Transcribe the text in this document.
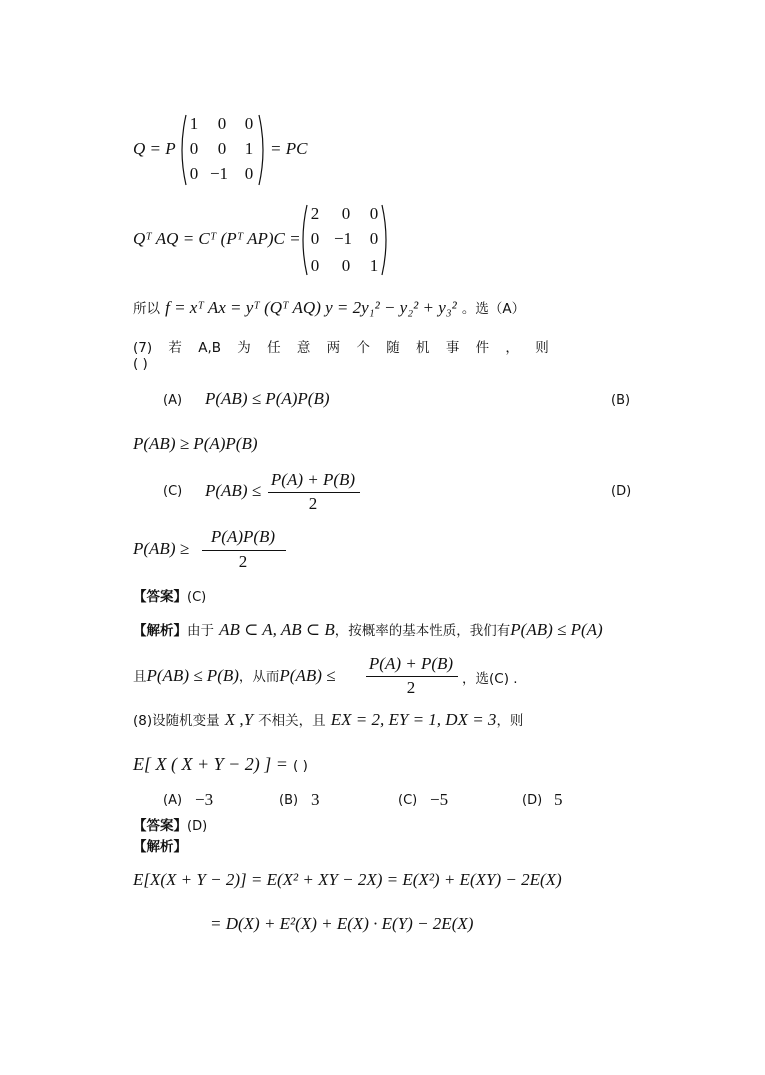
Q = P
1	0	0
0	0	1
0 −1 0
= PC
Qᵀ AQ = Cᵀ (Pᵀ AP)C =
2	0	0
0 −1	0
0	0	1
所以 f = xᵀ Ax = yᵀ (Qᵀ AQ) y = 2y₁² − y₂² + y₃² 。选（A）
(7) 若 A,B 为 任 意 两 个 随 机 事 件 ， 则
( )
(A) P(AB) ≤ P(A)P(B)	(B)
P(AB) ≥ P(A)P(B)
(C) P(AB) ≤
P(A) + P(B)
2
(D)
P(AB) ≥
P(A)P(B)
2
【答案】(C)
【解析】由于 AB ⊂ A, AB ⊂ B，按概率的基本性质，我们有P(AB) ≤ P(A)
且P(AB) ≤ P(B)，从而P(AB) ≤
P(A) + P(B)
2	，选(C) .
(8)设随机变量 X ,Y 不相关，且 EX = 2, EY = 1, DX = 3，则
E[ X ( X + Y − 2) ] = ( )
(A) −3	(B) 3	(C) −5	(D) 5
【答案】(D)
【解析】
E[X(X + Y − 2)] = E(X² + XY − 2X) = E(X²) + E(XY) − 2E(X)
= D(X) + E²(X) + E(X) · E(Y) − 2E(X)
